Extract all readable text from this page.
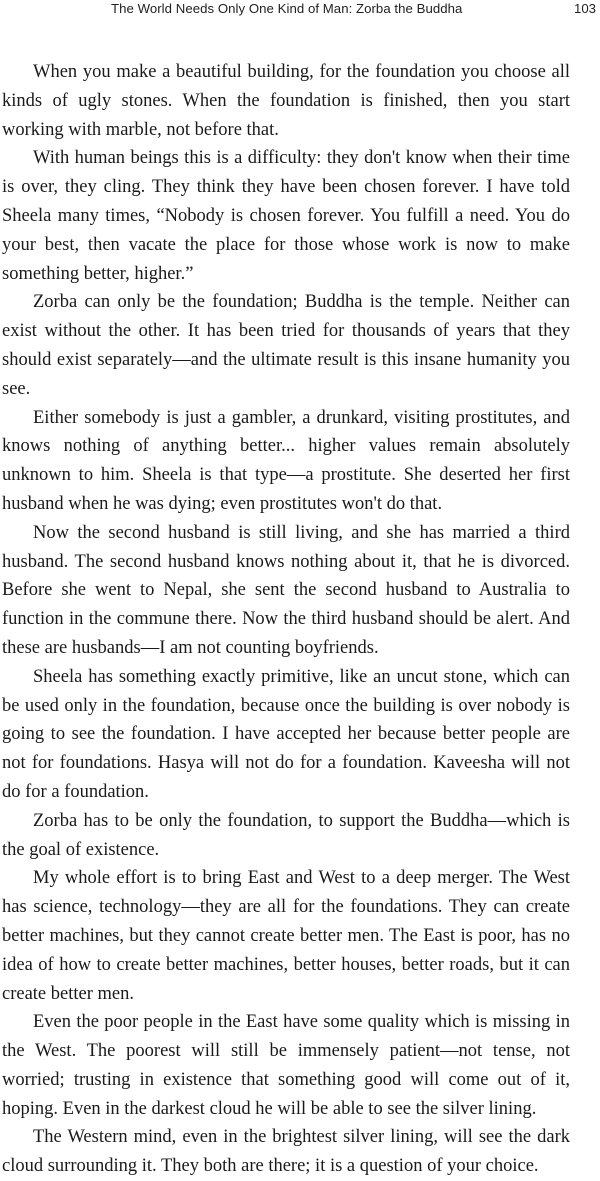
The World Needs Only One Kind of Man: Zorba the Buddha	103

When you make a beautiful building, for the foundation you choose all kinds of ugly stones. When the foundation is finished, then you start working with marble, not before that.

With human beings this is a difficulty: they don't know when their time is over, they cling. They think they have been chosen forever. I have told Sheela many times, “Nobody is chosen forever. You fulfill a need. You do your best, then vacate the place for those whose work is now to make something better, higher.”

Zorba can only be the foundation; Buddha is the temple. Neither can exist without the other. It has been tried for thousands of years that they should exist separately—and the ultimate result is this insane humanity you see.

Either somebody is just a gambler, a drunkard, visiting prostitutes, and knows nothing of anything better... higher values remain absolutely unknown to him. Sheela is that type—a prostitute. She deserted her first husband when he was dying; even prostitutes won't do that.

Now the second husband is still living, and she has married a third husband. The second husband knows nothing about it, that he is divorced. Before she went to Nepal, she sent the second husband to Australia to function in the commune there. Now the third husband should be alert. And these are husbands—I am not counting boyfriends.

Sheela has something exactly primitive, like an uncut stone, which can be used only in the foundation, because once the building is over nobody is going to see the foundation. I have accepted her because better people are not for foundations. Hasya will not do for a foundation. Kaveesha will not do for a foundation.

Zorba has to be only the foundation, to support the Buddha—which is the goal of existence.

My whole effort is to bring East and West to a deep merger. The West has science, technology—they are all for the foundations. They can create better machines, but they cannot create better men. The East is poor, has no idea of how to create better machines, better houses, better roads, but it can create better men.

Even the poor people in the East have some quality which is missing in the West. The poorest will still be immensely patient—not tense, not worried; trusting in existence that something good will come out of it, hoping. Even in the darkest cloud he will be able to see the silver lining.

The Western mind, even in the brightest silver lining, will see the dark cloud surrounding it. They both are there; it is a question of your choice.
